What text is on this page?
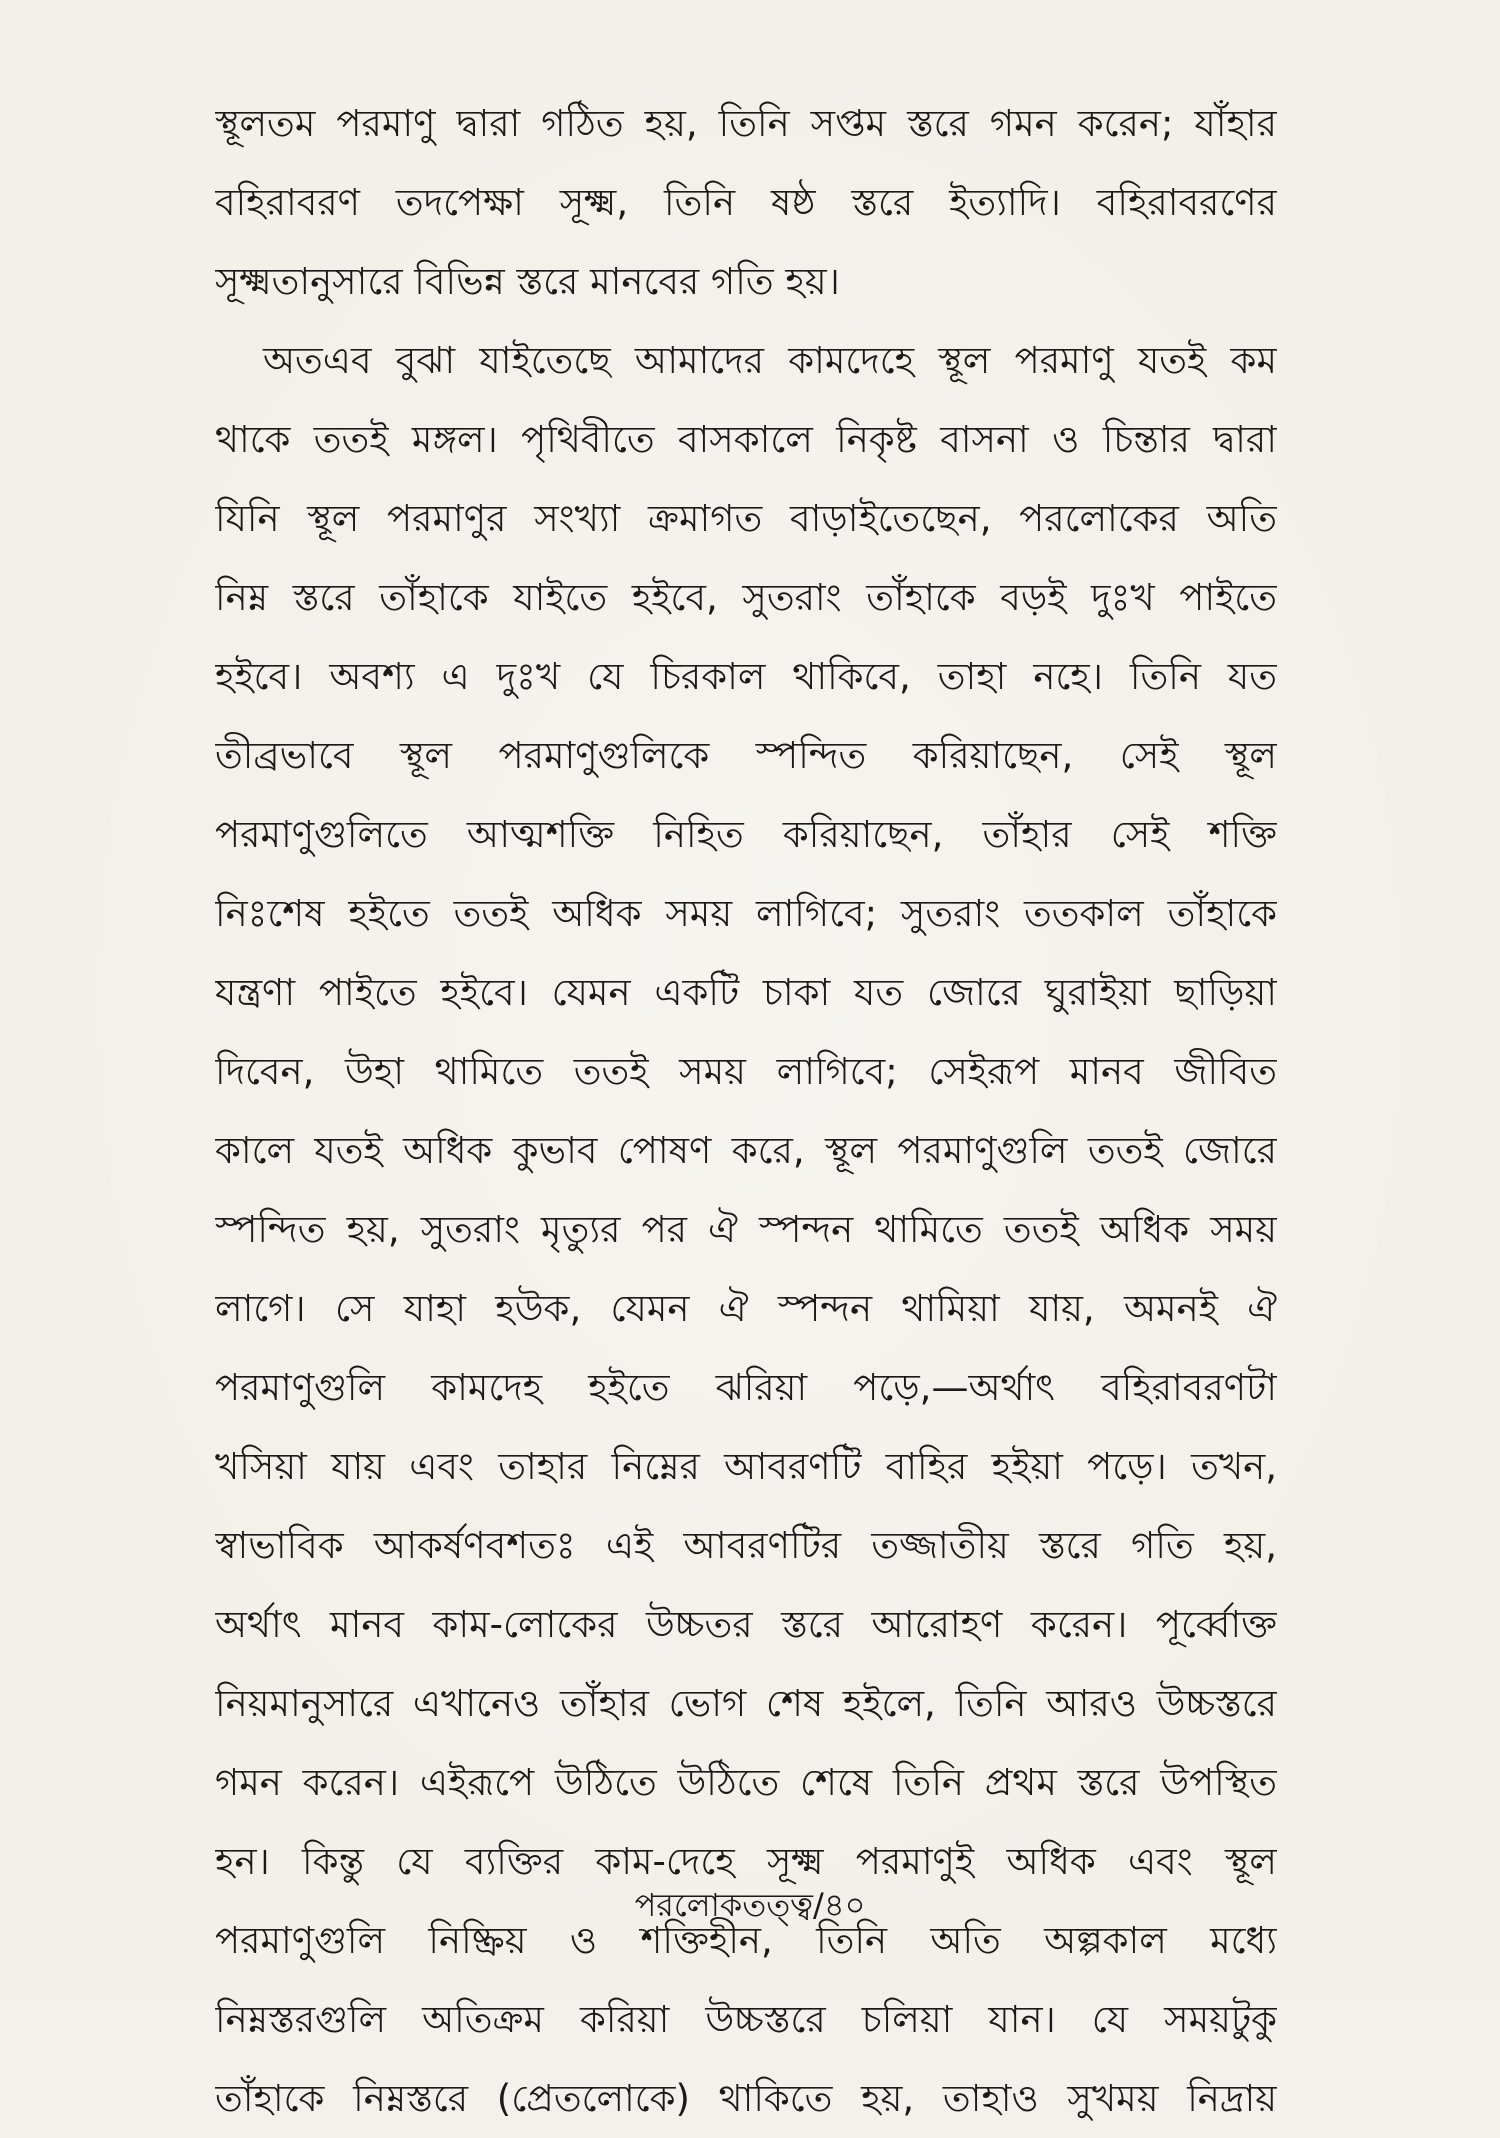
স্থূলতম পরমাণু দ্বারা গঠিত হয়, তিনি সপ্তম স্তরে গমন করেন; যাঁহার
বহিরাবরণ তদপেক্ষা সূক্ষ্ম, তিনি ষষ্ঠ স্তরে ইত্যাদি। বহিরাবরণের
সূক্ষ্মতানুসারে বিভিন্ন স্তরে মানবের গতি হয়।
অতএব বুঝা যাইতেছে আমাদের কামদেহে স্থূল পরমাণু যতই কম
থাকে ততই মঙ্গল। পৃথিবীতে বাসকালে নিকৃষ্ট বাসনা ও চিন্তার দ্বারা
যিনি স্থূল পরমাণুর সংখ্যা ক্রমাগত বাড়াইতেছেন, পরলোকের অতি
নিম্ন স্তরে তাঁহাকে যাইতে হইবে, সুতরাং তাঁহাকে বড়ই দুঃখ পাইতে
হইবে। অবশ্য এ দুঃখ যে চিরকাল থাকিবে, তাহা নহে। তিনি যত
তীব্রভাবে স্থূল পরমাণুগুলিকে স্পন্দিত করিয়াছেন, সেই স্থূল
পরমাণুগুলিতে আত্মশক্তি নিহিত করিয়াছেন, তাঁহার সেই শক্তি
নিঃশেষ হইতে ততই অধিক সময় লাগিবে; সুতরাং ততকাল তাঁহাকে
যন্ত্রণা পাইতে হইবে। যেমন একটি চাকা যত জোরে ঘুরাইয়া ছাড়িয়া
দিবেন, উহা থামিতে ততই সময় লাগিবে; সেইরূপ মানব জীবিত
কালে যতই অধিক কুভাব পোষণ করে, স্থূল পরমাণুগুলি ততই জোরে
স্পন্দিত হয়, সুতরাং মৃত্যুর পর ঐ স্পন্দন থামিতে ততই অধিক সময়
লাগে। সে যাহা হউক, যেমন ঐ স্পন্দন থামিয়া যায়, অমনই ঐ
পরমাণুগুলি কামদেহ হইতে ঝরিয়া পড়ে,—অর্থাৎ বহিরাবরণটা
খসিয়া যায় এবং তাহার নিম্নের আবরণটি বাহির হইয়া পড়ে। তখন,
স্বাভাবিক আকর্ষণবশতঃ এই আবরণটির তজ্জাতীয় স্তরে গতি হয়,
অর্থাৎ মানব কাম-লোকের উচ্চতর স্তরে আরোহণ করেন। পূর্ব্বোক্ত
নিয়মানুসারে এখানেও তাঁহার ভোগ শেষ হইলে, তিনি আরও উচ্চস্তরে
গমন করেন। এইরূপে উঠিতে উঠিতে শেষে তিনি প্রথম স্তরে উপস্থিত
হন। কিন্তু যে ব্যক্তির কাম-দেহে সূক্ষ্ম পরমাণুই অধিক এবং স্থূল
পরমাণুগুলি নিষ্ক্রিয় ও শক্তিহীন, তিনি অতি অল্পকাল মধ্যে
নিম্নস্তরগুলি অতিক্রম করিয়া উচ্চস্তরে চলিয়া যান। যে সময়টুকু
তাঁহাকে নিম্নস্তরে (প্রেতলোকে) থাকিতে হয়, তাহাও সুখময় নিদ্রায়
পরলোকতত্ত্ব/৪০
